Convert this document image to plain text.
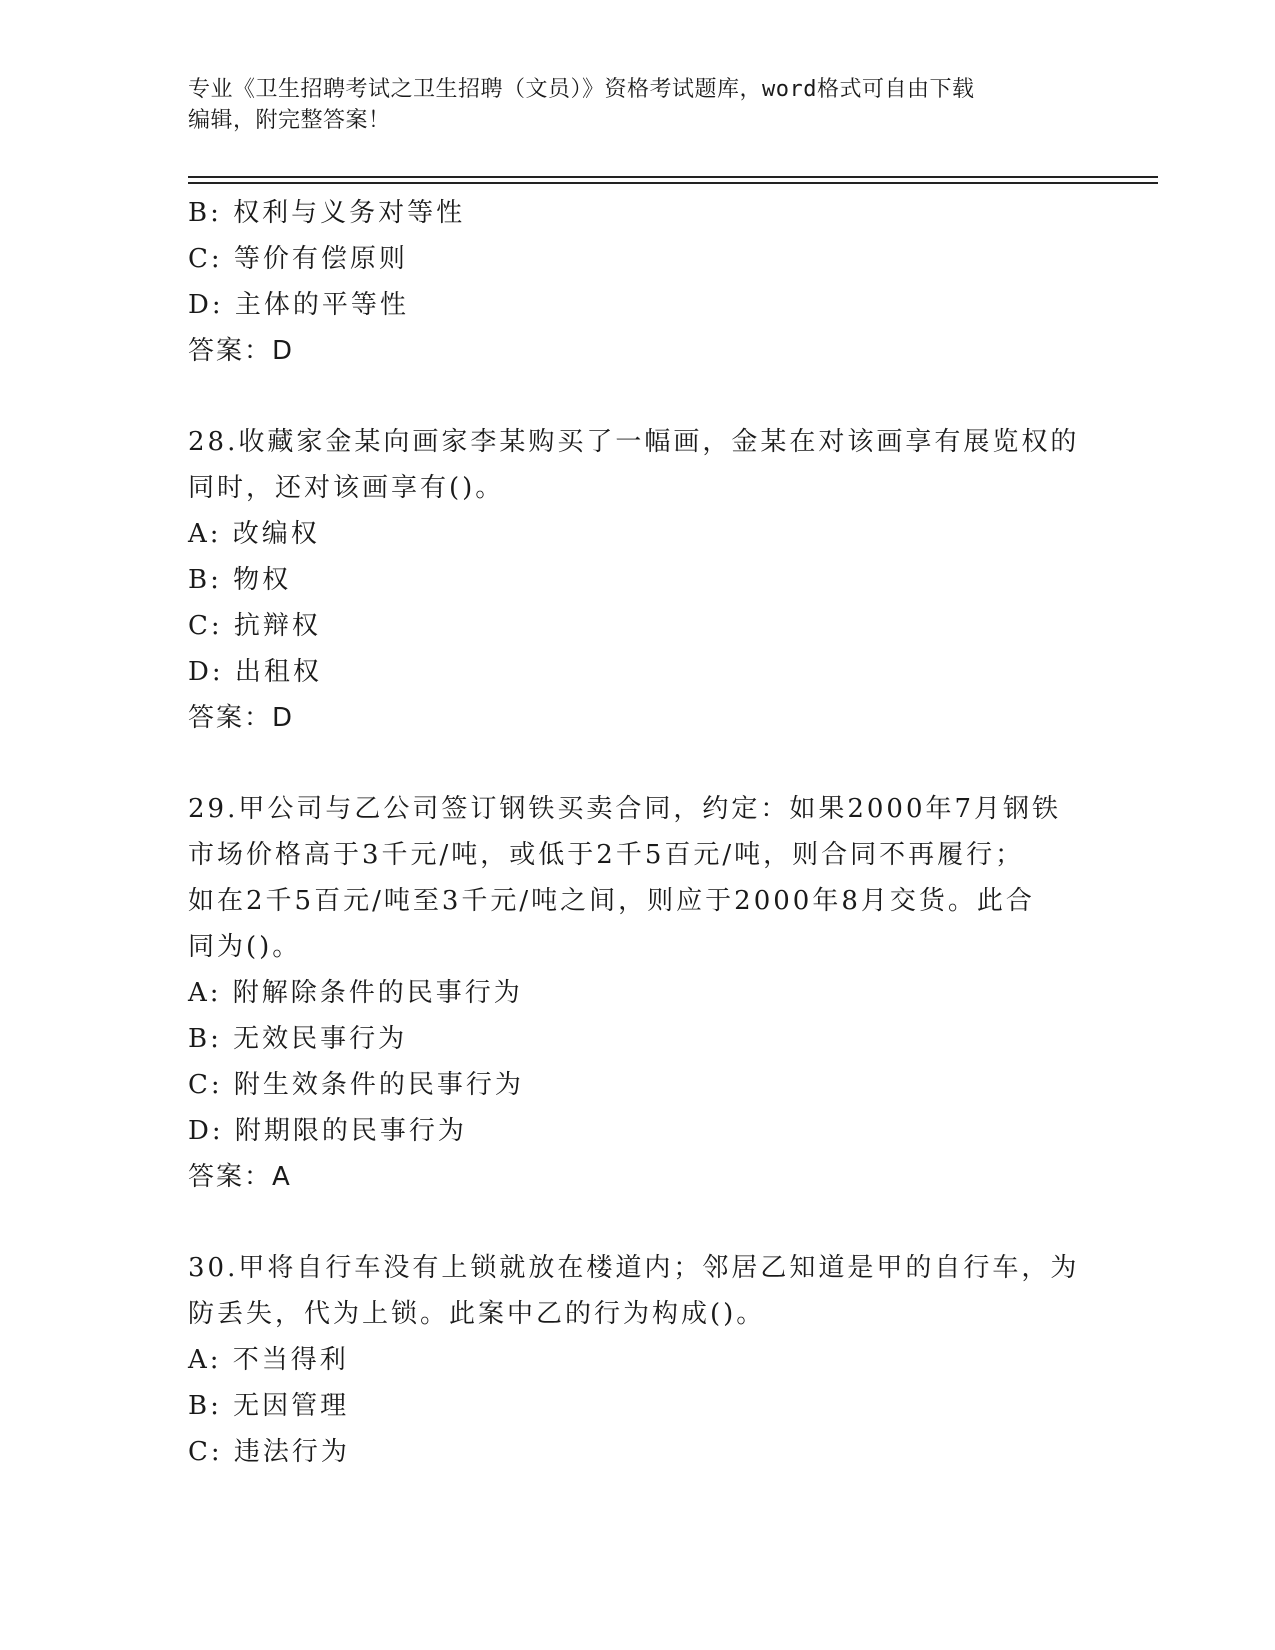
专业《卫生招聘考试之卫生招聘（文员）》资格考试题库，word格式可自由下载
编辑，附完整答案！
B: 权利与义务对等性
C: 等价有偿原则
D: 主体的平等性
答案：D
28.收藏家金某向画家李某购买了一幅画，金某在对该画享有展览权的
同时，还对该画享有()。
A: 改编权
B: 物权
C: 抗辩权
D: 出租权
答案：D
29.甲公司与乙公司签订钢铁买卖合同，约定：如果2000年7月钢铁
市场价格高于3千元/吨，或低于2千5百元/吨，则合同不再履行；
如在2千5百元/吨至3千元/吨之间，则应于2000年8月交货。此合
同为()。
A: 附解除条件的民事行为
B: 无效民事行为
C: 附生效条件的民事行为
D: 附期限的民事行为
答案：A
30.甲将自行车没有上锁就放在楼道内；邻居乙知道是甲的自行车，为
防丢失，代为上锁。此案中乙的行为构成()。
A: 不当得利
B: 无因管理
C: 违法行为
